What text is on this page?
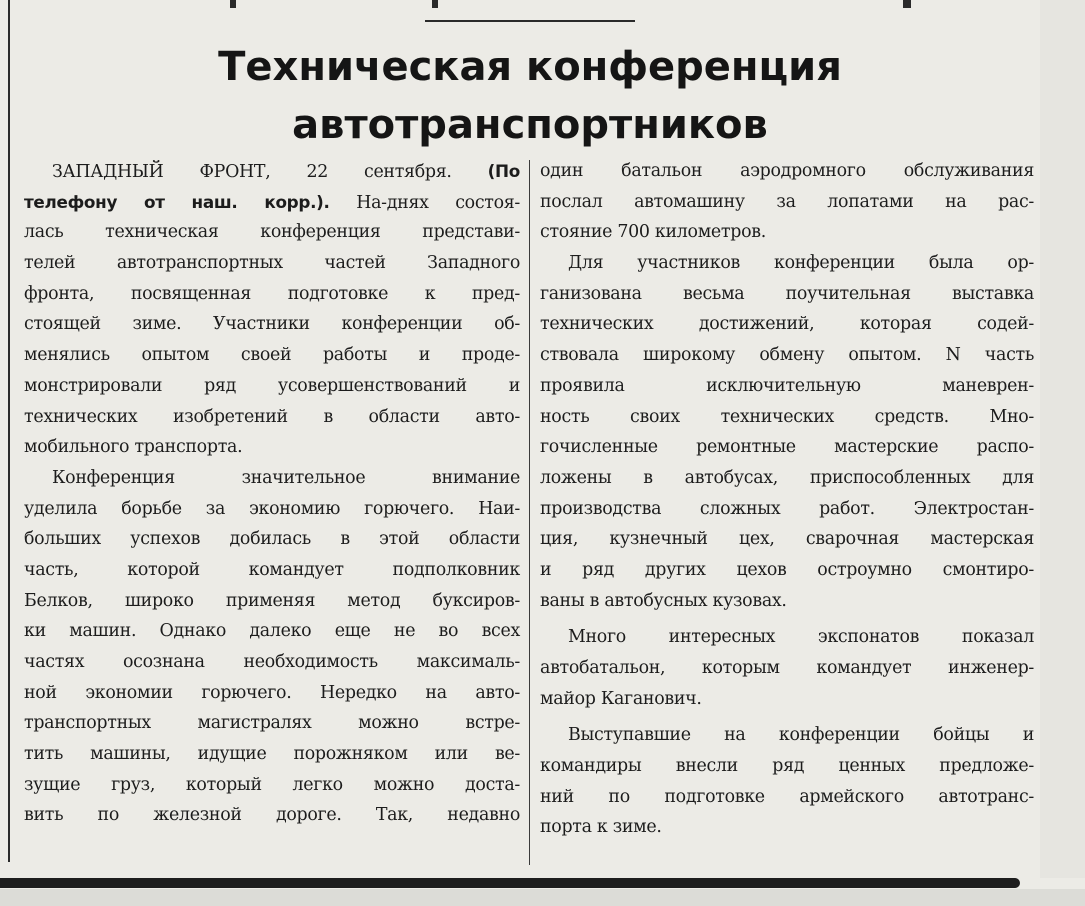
Техническая конференция
автотранспортников
ЗАПАДНЫЙ ФРОНТ, 22 сентября. (По
телефону от наш. корр.). На-днях состоя-
лась техническая конференция представи-
телей автотранспортных частей Западного
фронта, посвященная подготовке к пред-
стоящей зиме. Участники конференции об-
менялись опытом своей работы и проде-
монстрировали ряд усовершенствований и
технических изобретений в области авто-
мобильного транспорта.
Конференция значительное внимание
уделила борьбе за экономию горючего. Наи-
больших успехов добилась в этой области
часть, которой командует подполковник
Белков, широко применяя метод буксиров-
ки машин. Однако далеко еще не во всех
частях осознана необходимость максималь-
ной экономии горючего. Нередко на авто-
транспортных магистралях можно встре-
тить машины, идущие порожняком или ве-
зущие груз, который легко можно доста-
вить по железной дороге. Так, недавно
один батальон аэродромного обслуживания
послал автомашину за лопатами на рас-
стояние 700 километров.
Для участников конференции была ор-
ганизована весьма поучительная выставка
технических достижений, которая содей-
ствовала широкому обмену опытом. N часть
проявила исключительную маневрен-
ность своих технических средств. Мно-
гочисленные ремонтные мастерские распо-
ложены в автобусах, приспособленных для
производства сложных работ. Электростан-
ция, кузнечный цех, сварочная мастерская
и ряд других цехов остроумно смонтиро-
ваны в автобусных кузовах.
Много интересных экспонатов показал
автобатальон, которым командует инженер-
майор Каганович.
Выступавшие на конференции бойцы и
командиры внесли ряд ценных предложе-
ний по подготовке армейского автотранс-
порта к зиме.
